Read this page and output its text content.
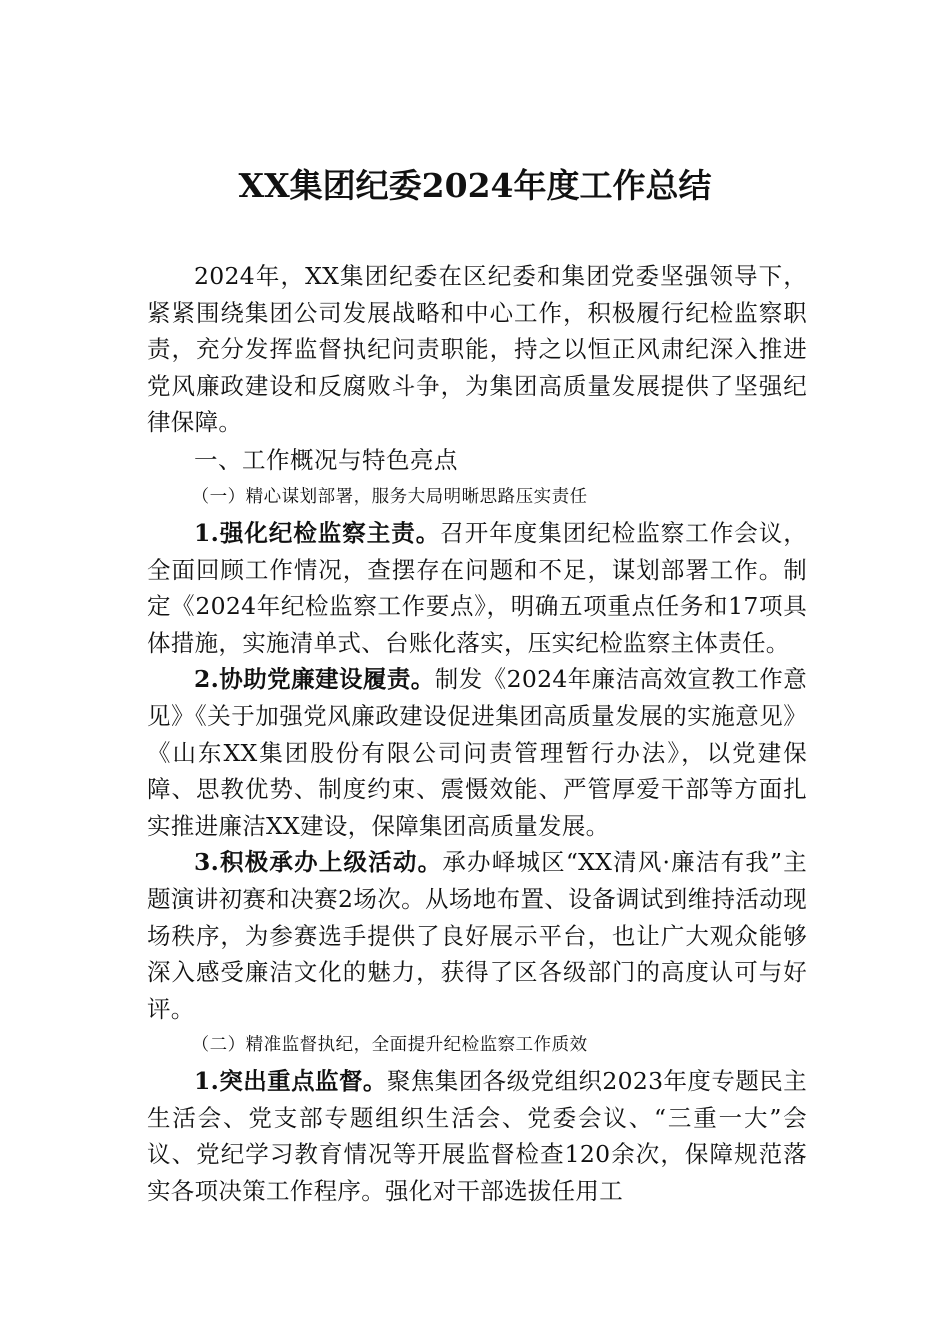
XX集团纪委2024年度工作总结

2024年，XX集团纪委在区纪委和集团党委坚强领导下，紧紧围绕集团公司发展战略和中心工作，积极履行纪检监察职责，充分发挥监督执纪问责职能，持之以恒正风肃纪深入推进党风廉政建设和反腐败斗争，为集团高质量发展提供了坚强纪律保障。

一、工作概况与特色亮点
（一）精心谋划部署，服务大局明晰思路压实责任

1.强化纪检监察主责。召开年度集团纪检监察工作会议，全面回顾工作情况，查摆存在问题和不足，谋划部署工作。制定《2024年纪检监察工作要点》，明确五项重点任务和17项具体措施，实施清单式、台账化落实，压实纪检监察主体责任。

2.协助党廉建设履责。制发《2024年廉洁高效宣教工作意见》《关于加强党风廉政建设促进集团高质量发展的实施意见》《山东XX集团股份有限公司问责管理暂行办法》，以党建保障、思教优势、制度约束、震慑效能、严管厚爱干部等方面扎实推进廉洁XX建设，保障集团高质量发展。

3.积极承办上级活动。承办峄城区“XX清风·廉洁有我”主题演讲初赛和决赛2场次。从场地布置、设备调试到维持活动现场秩序，为参赛选手提供了良好展示平台，也让广大观众能够深入感受廉洁文化的魅力，获得了区各级部门的高度认可与好评。

（二）精准监督执纪，全面提升纪检监察工作质效

1.突出重点监督。聚焦集团各级党组织2023年度专题民主生活会、党支部专题组织生活会、党委会议、“三重一大”会议、党纪学习教育情况等开展监督检查120余次，保障规范落实各项决策工作程序。强化对干部选拔任用工
